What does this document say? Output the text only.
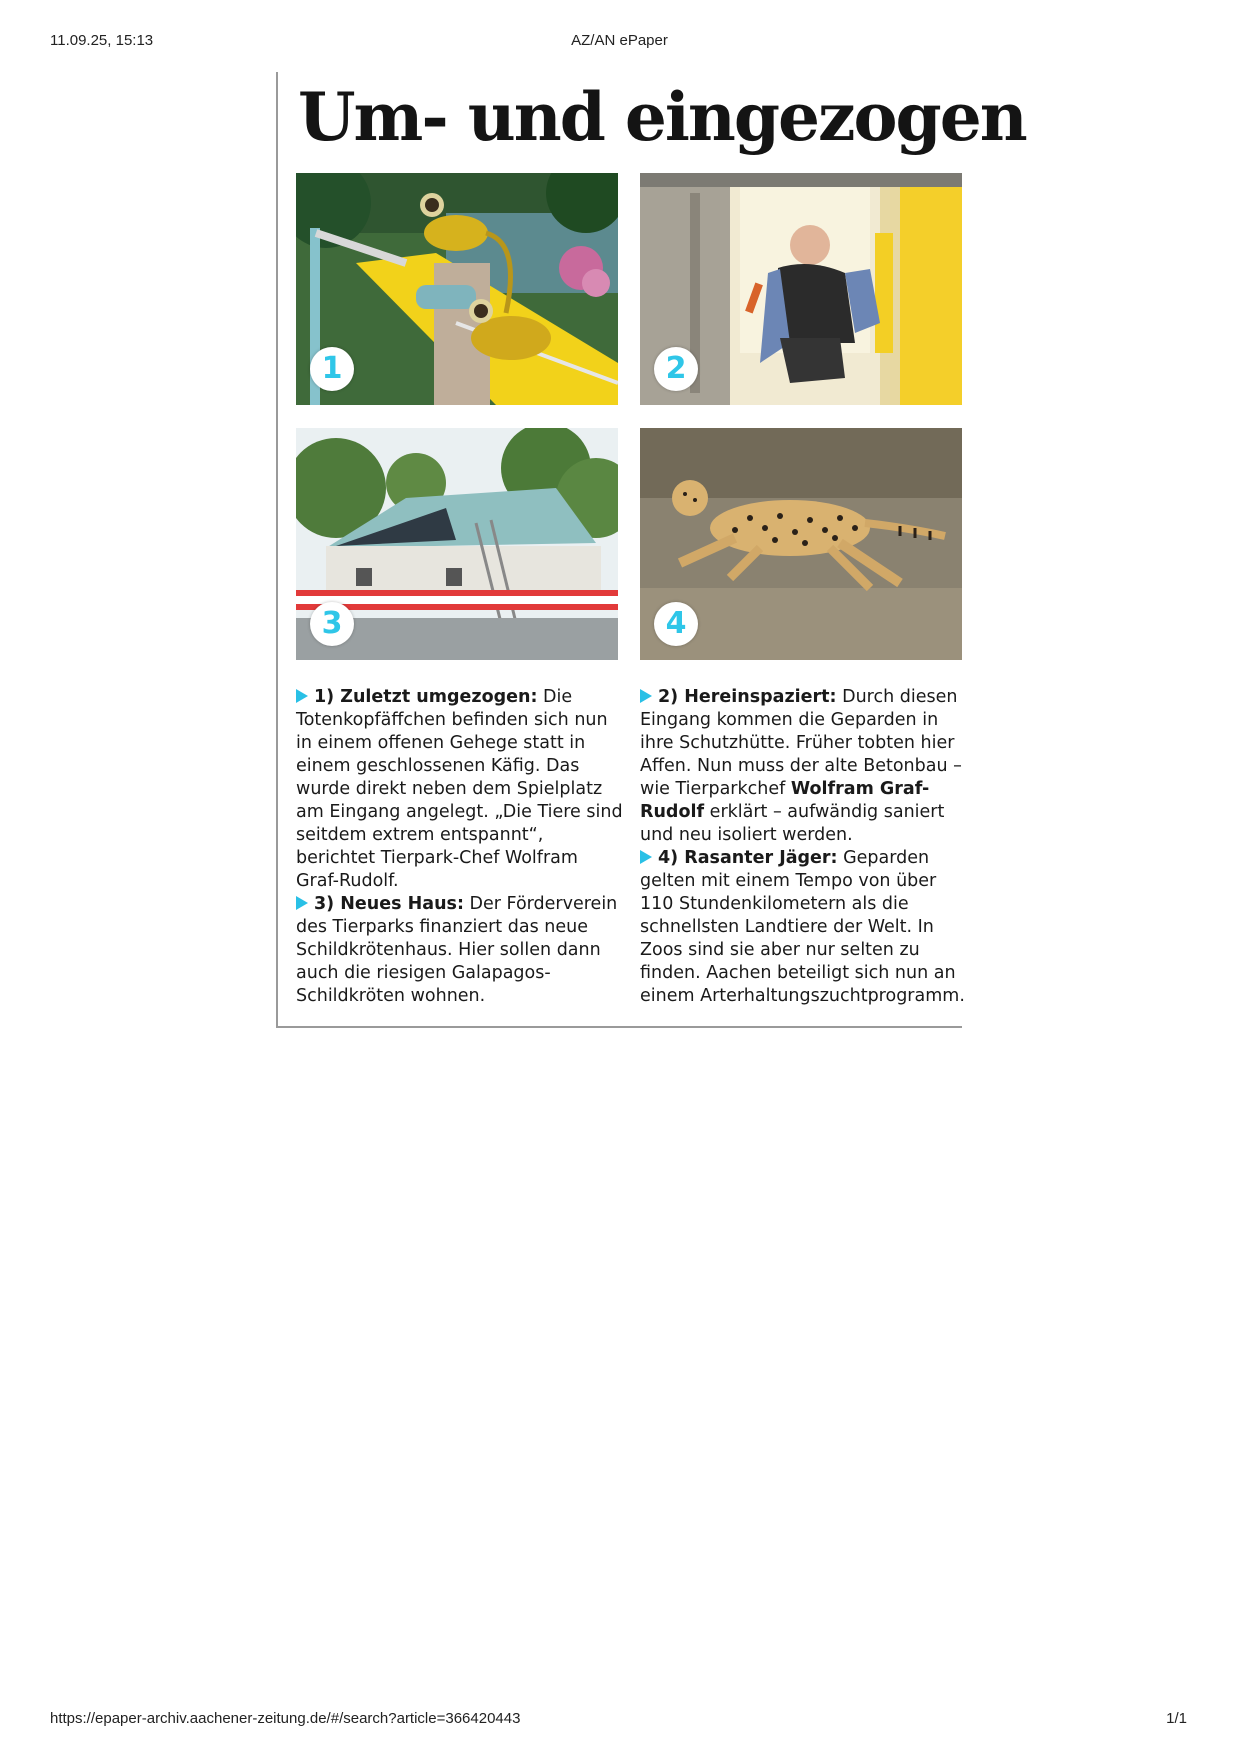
11.09.25, 15:13	AZ/AN ePaper
Um- und eingezogen
1	2
3	4

1) Zuletzt umgezogen: Die Totenkopfäffchen befinden sich nun in einem offenen Gehege statt in einem geschlossenen Käfig. Das wurde direkt neben dem Spielplatz am Eingang angelegt. „Die Tiere sind seitdem extrem entspannt“, berichtet Tierpark-Chef Wolfram Graf-Rudolf.

3) Neues Haus: Der Förderverein des Tierparks finanziert das neue Schildkrötenhaus. Hier sollen dann auch die riesigen Galapagos-Schildkröten wohnen.

2) Hereinspaziert: Durch diesen Eingang kommen die Geparden in ihre Schutzhütte. Früher tobten hier Affen. Nun muss der alte Betonbau – wie Tierparkchef Wolfram Graf-Rudolf erklärt – aufwändig saniert und neu isoliert werden.

4) Rasanter Jäger: Geparden gelten mit einem Tempo von über 110 Stundenkilometern als die schnellsten Landtiere der Welt. In Zoos sind sie aber nur selten zu finden. Aachen beteiligt sich nun an einem Arterhaltungszuchtprogramm.

https://epaper-archiv.aachener-zeitung.de/#/search?article=366420443	1/1
